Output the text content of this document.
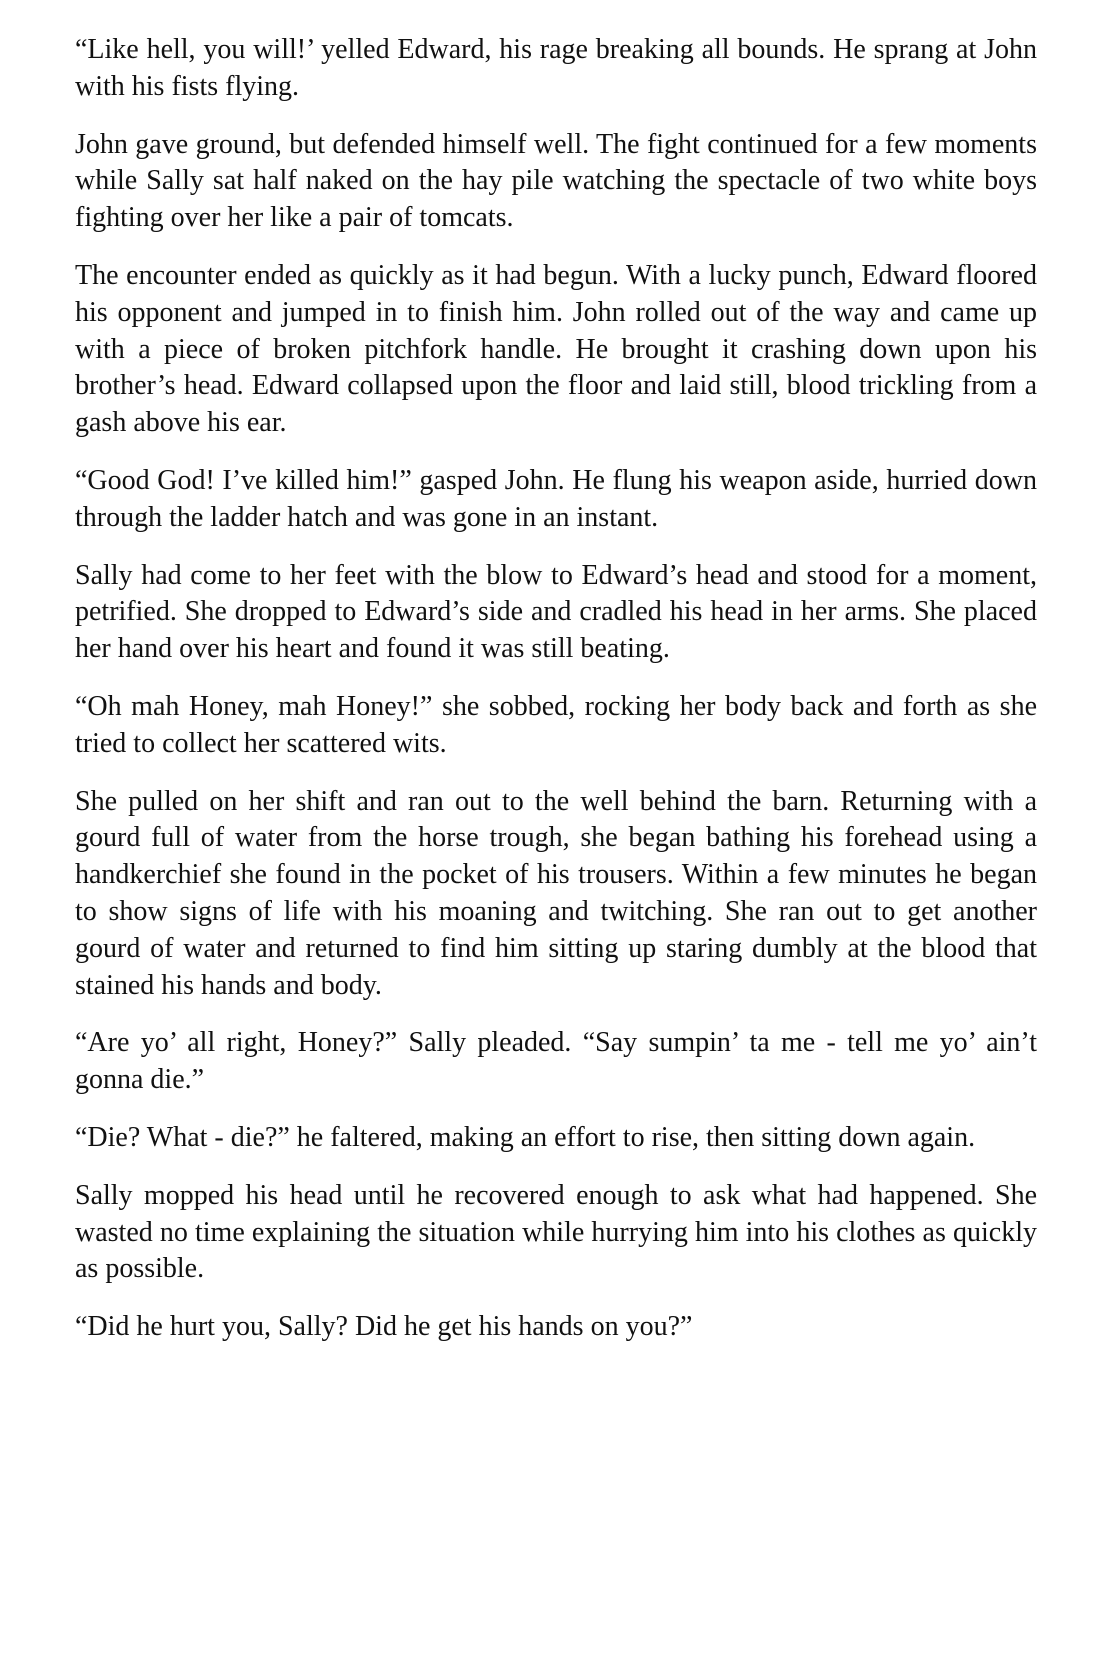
“Like hell, you will!’ yelled Edward, his rage breaking all bounds. He sprang at John with his fists flying.

John gave ground, but defended himself well. The fight continued for a few moments while Sally sat half naked on the hay pile watching the spectacle of two white boys fighting over her like a pair of tomcats.

The encounter ended as quickly as it had begun. With a lucky punch, Edward floored his opponent and jumped in to finish him. John rolled out of the way and came up with a piece of broken pitchfork handle. He brought it crashing down upon his brother’s head. Edward collapsed upon the floor and laid still, blood trickling from a gash above his ear.

“Good God! I’ve killed him!” gasped John. He flung his weapon aside, hurried down through the ladder hatch and was gone in an instant.

Sally had come to her feet with the blow to Edward’s head and stood for a moment, petrified. She dropped to Edward’s side and cradled his head in her arms. She placed her hand over his heart and found it was still beating.

“Oh mah Honey, mah Honey!” she sobbed, rocking her body back and forth as she tried to collect her scattered wits.

She pulled on her shift and ran out to the well behind the barn. Returning with a gourd full of water from the horse trough, she began bathing his forehead using a handkerchief she found in the pocket of his trousers. Within a few minutes he began to show signs of life with his moaning and twitching. She ran out to get another gourd of water and returned to find him sitting up staring dumbly at the blood that stained his hands and body.

“Are yo’ all right, Honey?” Sally pleaded. “Say sumpin’ ta me - tell me yo’ ain’t gonna die.”

“Die? What - die?” he faltered, making an effort to rise, then sitting down again.

Sally mopped his head until he recovered enough to ask what had happened. She wasted no time explaining the situation while hurrying him into his clothes as quickly as possible.

“Did he hurt you, Sally? Did he get his hands on you?”
